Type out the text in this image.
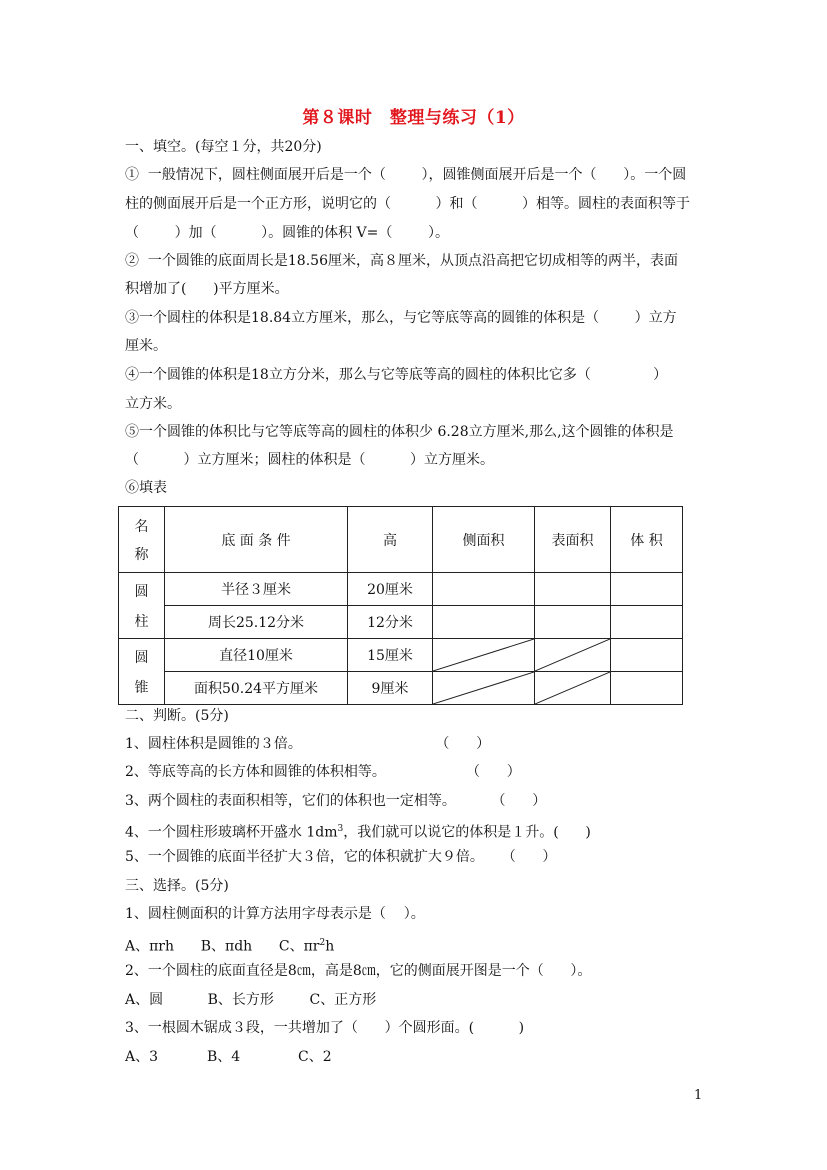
第８课时　整理与练习（1）
一、填空。(每空１分，共20分)
①  一般情况下，圆柱侧面展开后是一个（        ），圆锥侧面展开后是一个（      ）。一个圆
柱的侧面展开后是一个正方形，说明它的（          ）和（          ）相等。圆柱的表面积等于
（        ）加（          ）。圆锥的体积 V=（        ）。
②  一个圆锥的底面周长是18.56厘米，高８厘米，从顶点沿高把它切成相等的两半，表面
积增加了(      )平方厘米。
③一个圆柱的体积是18.84立方厘米，那么，与它等底等高的圆锥的体积是（        ）立方
厘米。
④一个圆锥的体积是18立方分米，那么与它等底等高的圆柱的体积比它多（              ）
立方米。
⑤一个圆锥的体积比与它等底等高的圆柱的体积少 6.28立方厘米,那么,这个圆锥的体积是
（          ）立方厘米；圆柱的体积是（          ）立方厘米。
⑥填表
名
称	底 面 条 件	高	侧面积	表面积	体 积

圆
柱	半径３厘米	20厘米			
	周长25.12分米	12分米			

圆
锥	直径10厘米	15厘米	

	面积50.24平方厘米	9厘米	

二、判断。(5分)
1、圆柱体积是圆锥的３倍。                              （      ）
2、等底等高的长方体和圆锥的体积相等。                  （      ）
3、两个圆柱的表面积相等，它们的体积也一定相等。        （      ）
4、一个圆柱形玻璃杯开盛水 $1dm^3$，我们就可以说它的体积是１升。(      )
5、一个圆锥的底面半径扩大３倍，它的体积就扩大９倍。    （      ）
三、选择。(5分)
1、圆柱侧面积的计算方法用字母表示是（    ）。
A、πrh      B、πdh      C、$\pi r^2h$
2、一个圆柱的底面直径是8㎝，高是8㎝，它的侧面展开图是一个（      ）。
A、圆          B、长方形        C、正方形
3、一根圆木锯成３段，一共增加了（      ）个圆形面。(          )
A、3           B、4             C、2
1
